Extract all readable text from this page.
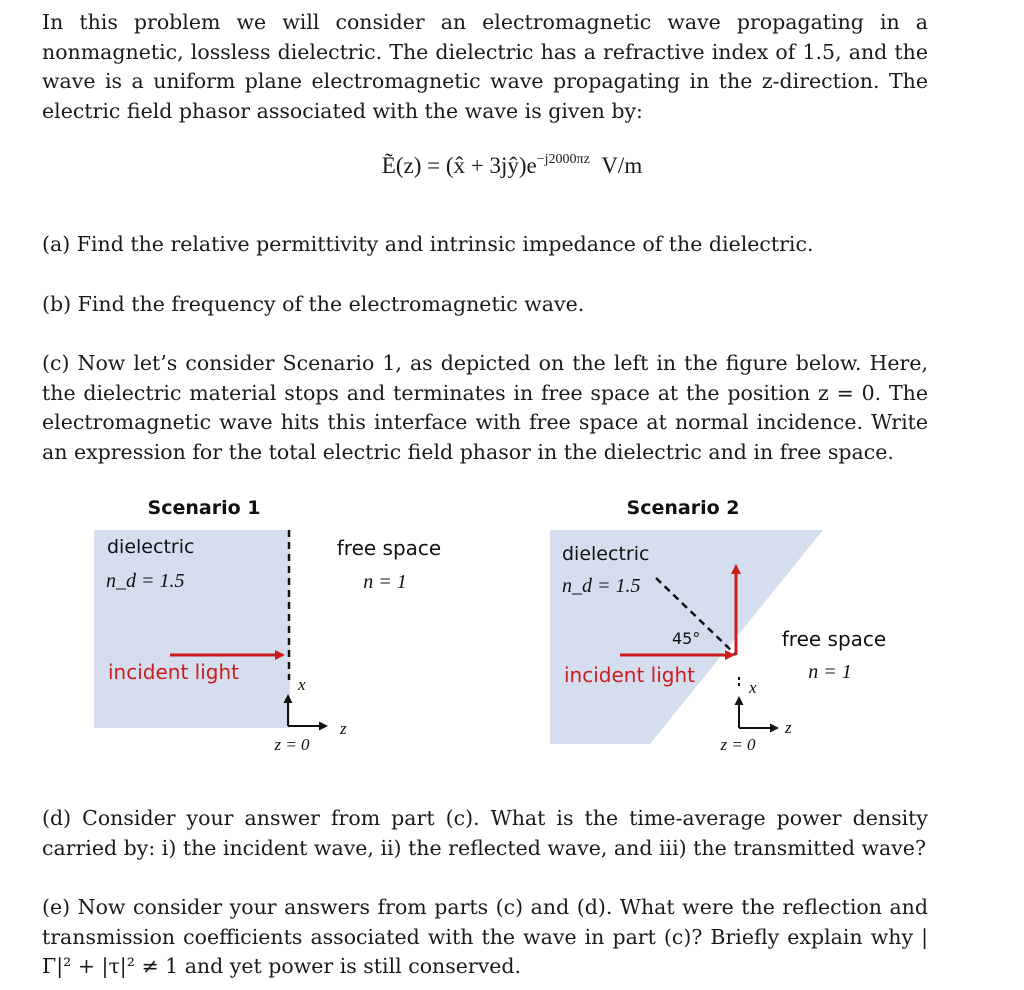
In this problem we will consider an electromagnetic wave propagating in a nonmagnetic, lossless dielectric. The dielectric has a refractive index of 1.5, and the wave is a uniform plane electromagnetic wave propagating in the z-direction. The electric field phasor associated with the wave is given by:

Ẽ(z) = (x̂ + $3jŷ)e^{-j2000\pi z}$ V/m

(a) Find the relative permittivity and intrinsic impedance of the dielectric.

(b) Find the frequency of the electromagnetic wave.

(c) Now let’s consider Scenario 1, as depicted on the left in the figure below. Here, the dielectric material stops and terminates in free space at the position z = 0. The electromagnetic wave hits this interface with free space at normal incidence. Write an expression for the total electric field phasor in the dielectric and in free space.

Scenario 1
dielectric
n_d = 1.5
free space
n = 1
incident light
x
z
z = 0
Scenario 2
dielectric
n_d = 1.5
45°
incident light
free space
n = 1
x
z
z = 0

(d) Consider your answer from part (c). What is the time-average power density carried by: i) the incident wave, ii) the reflected wave, and iii) the transmitted wave?

(e) Now consider your answers from parts (c) and (d). What were the reflection and transmission coefficients associated with the wave in part (c)? Briefly explain why |Γ|² + |τ|² ≠ 1 and yet power is still conserved.
